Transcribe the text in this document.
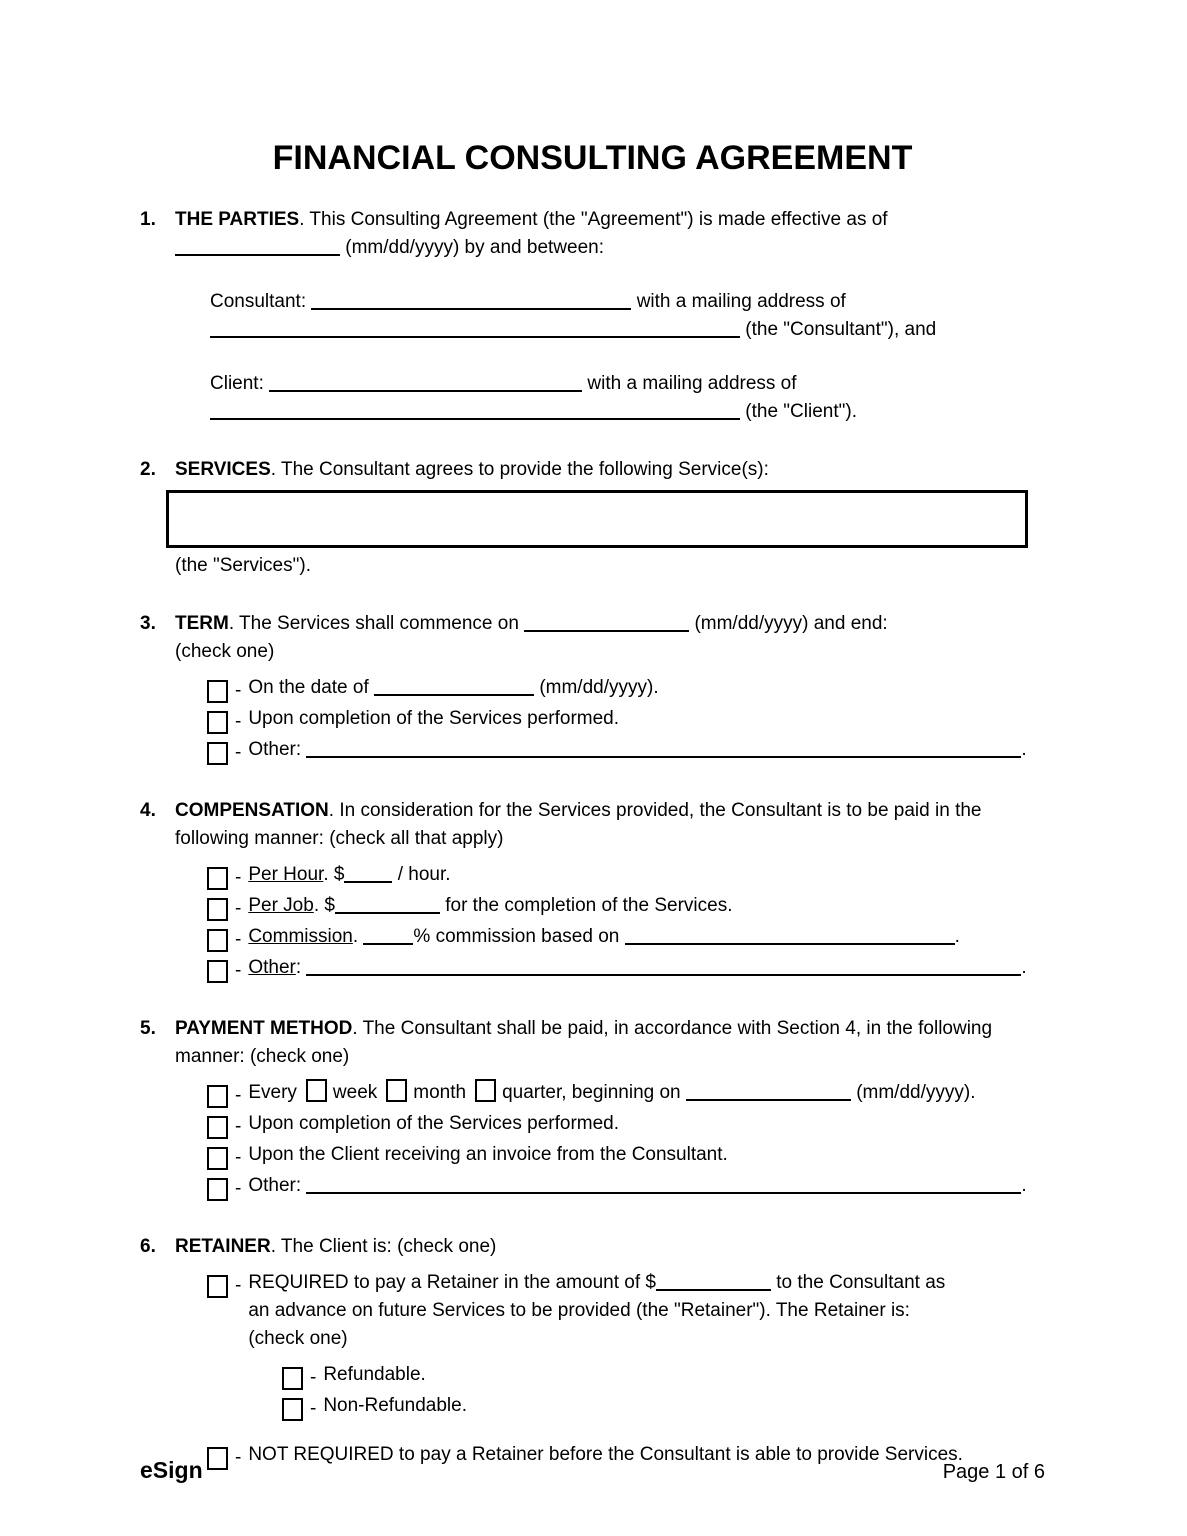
FINANCIAL CONSULTING AGREEMENT
1.	THE PARTIES. This Consulting Agreement (the "Agreement") is made effective as of  (mm/dd/yyyy) by and between:

Consultant:	with a mailing address of  (the "Consultant"), and

Client:	with a mailing address of  (the "Client").

2.	SERVICES. The Consultant agrees to provide the following Service(s):

(the "Services").

3.	TERM. The Services shall commence on	(mm/dd/yyyy) and end:

(check one)

- On the date of	(mm/dd/yyyy).
- Upon completion of the Services performed.
- Other:	.
4.	COMPENSATION. In consideration for the Services provided, the Consultant is to be paid in the following manner: (check all that apply)

- Per Hour. $	/ hour.
- Per Job. $	for the completion of the Services.
- Commission.	% commission based on	.
- Other:	.
5.	PAYMENT METHOD. The Consultant shall be paid, in accordance with Section 4, in the following manner: (check one)

- Every week month quarter, beginning on	(mm/dd/yyyy).
- Upon completion of the Services performed.
- Upon the Client receiving an invoice from the Consultant.
- Other:	.
6.	RETAINER. The Client is: (check one)

- REQUIRED to pay a Retainer in the amount of $	to the Consultant as
an advance on future Services to be provided (the "Retainer"). The Retainer is:

(check one)

- Refundable.
- Non-Refundable.
- NOT REQUIRED to pay a Retainer before the Consultant is able to provide Services.
eSign	Page 1 of 6
